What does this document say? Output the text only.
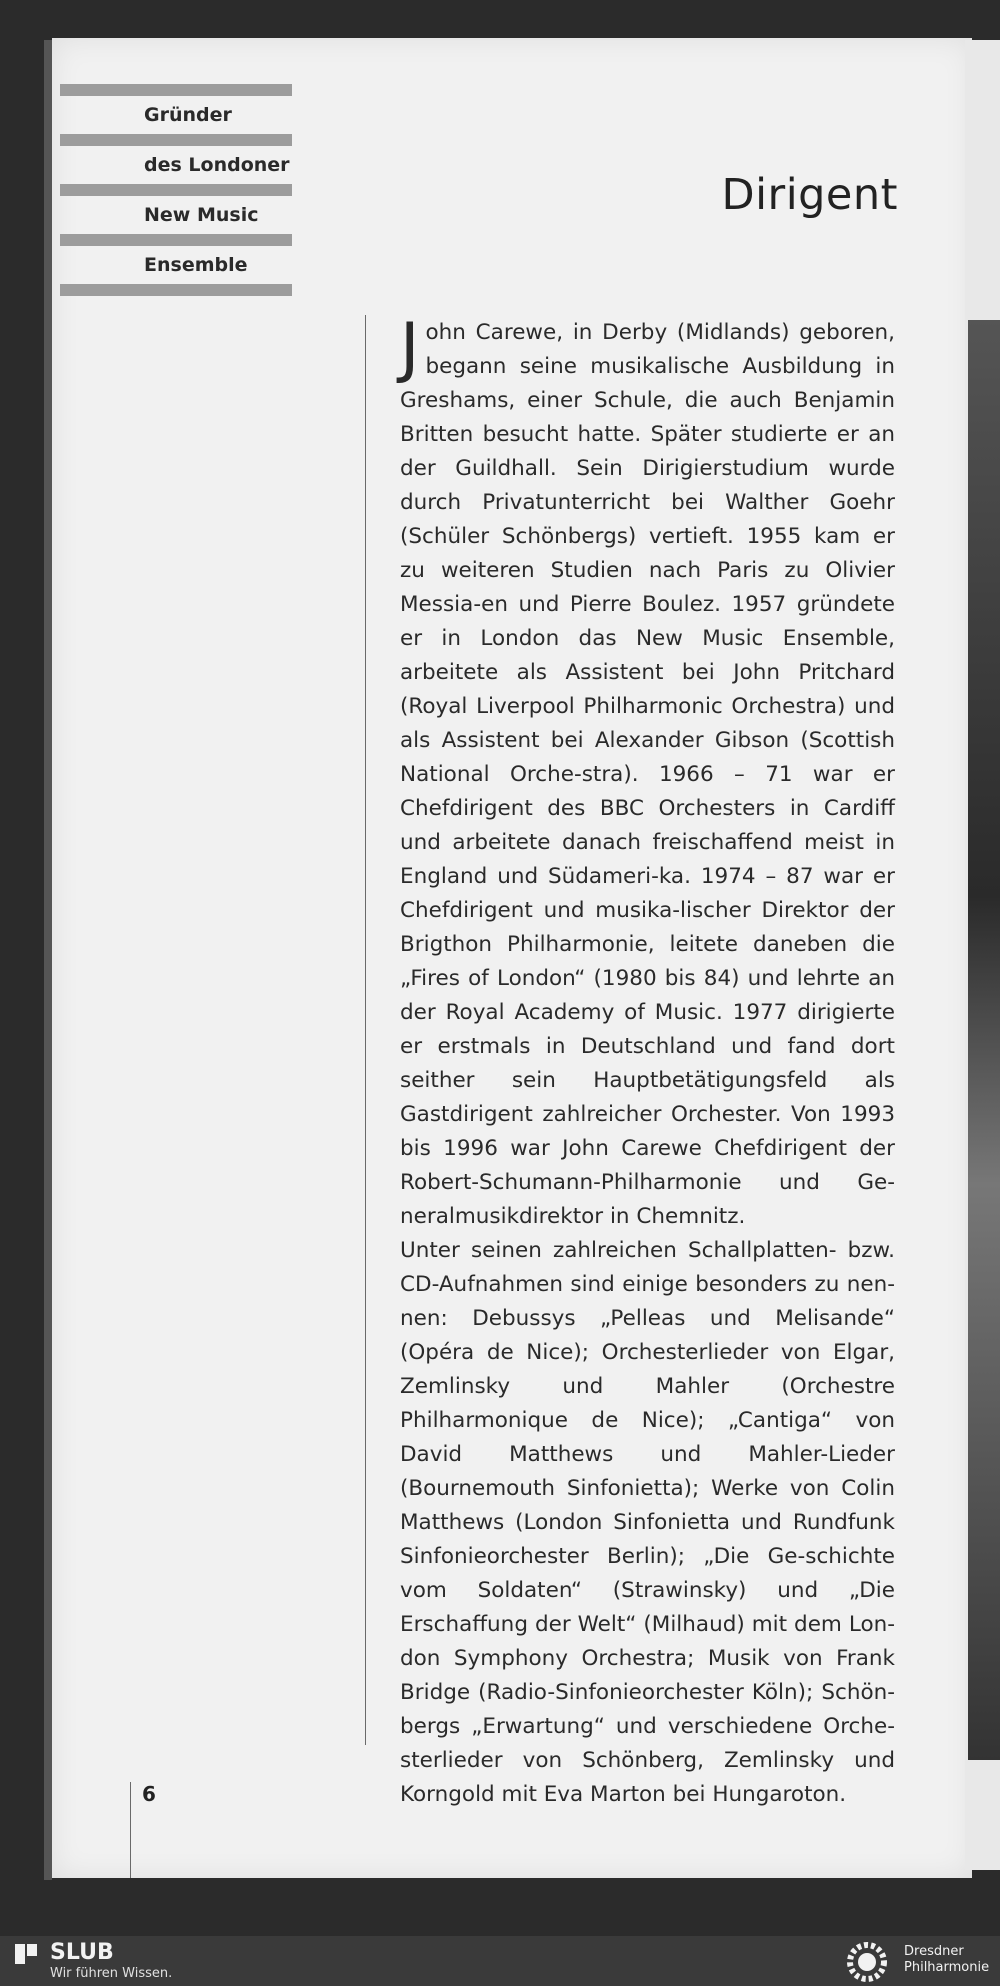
Gründer
des Londoner
New Music
Ensemble
Dirigent

John Carewe, in Derby (Midlands) geboren, begann seine musikalische Ausbildung in Greshams, einer Schule, die auch Benjamin Britten besucht hatte. Später studierte er an der Guildhall. Sein Dirigierstudium wurde durch Privatunterricht bei Walther Goehr (Schüler Schönbergs) vertieft. 1955 kam er zu weiteren Studien nach Paris zu Olivier Messia-en und Pierre Boulez. 1957 gründete er in London das New Music Ensemble, arbeitete als Assistent bei John Pritchard (Royal Liverpool Philharmonic Orchestra) und als Assistent bei Alexander Gibson (Scottish National Orche-stra). 1966 – 71 war er Chefdirigent des BBC Orchesters in Cardiff und arbeitete danach freischaffend meist in England und Südameri-ka. 1974 – 87 war er Chefdirigent und musika-lischer Direktor der Brigthon Philharmonie, leitete daneben die „Fires of London“ (1980 bis 84) und lehrte an der Royal Academy of Music. 1977 dirigierte er erstmals in Deutschland und fand dort seither sein Hauptbetätigungsfeld als Gastdirigent zahlreicher Orchester. Von 1993 bis 1996 war John Carewe Chefdirigent der Robert-Schumann-Philharmonie und Ge-neralmusikdirektor in Chemnitz.

Unter seinen zahlreichen Schallplatten- bzw. CD-Aufnahmen sind einige besonders zu nen-nen: Debussys „Pelleas und Melisande“ (Opéra de Nice); Orchesterlieder von Elgar, Zemlinsky und Mahler (Orchestre Philharmonique de Nice); „Cantiga“ von David Matthews und Mahler-Lieder (Bournemouth Sinfonietta); Werke von Colin Matthews (London Sinfonietta und Rundfunk Sinfonieorchester Berlin); „Die Ge-schichte vom Soldaten“ (Strawinsky) und „Die Erschaffung der Welt“ (Milhaud) mit dem Lon-don Symphony Orchestra; Musik von Frank Bridge (Radio-Sinfonieorchester Köln); Schön-bergs „Erwartung“ und verschiedene Orche-sterlieder von Schönberg, Zemlinsky und Korngold mit Eva Marton bei Hungaroton.

6
SLUB
Wir führen Wissen.
Dresdner
Philharmonie
